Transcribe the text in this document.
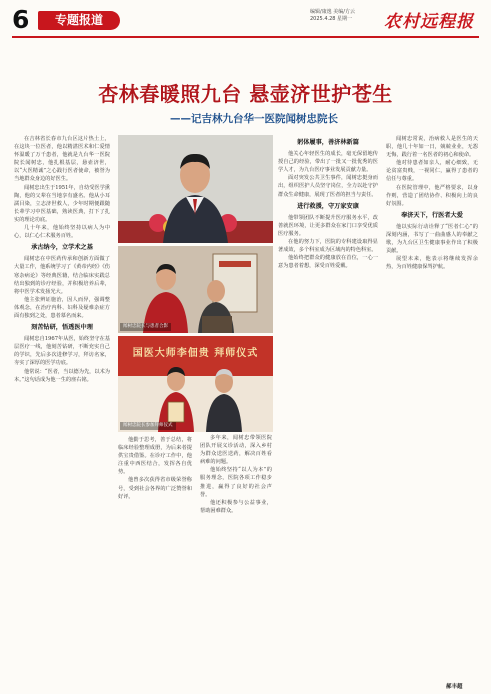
6	专题报道
编辑/康逸 美编/方云
2025.4.28 星期一	农村远程报
杏林春暖照九台 悬壶济世护苍生
——记吉林九台华一医院闻树忠院长

在吉林省长春市九台区这片热土上，在这块一位医者，他以精湛医术和仁爱情怀温暖了万千患者，他就是九台华一医院院长闻树忠，他扎根基层，悬壶济世，以“大医精诚”之心践行医者使命，被誉为当地群众身边的好医生。

闻树忠出生于1951年，自幼受医学熏陶，他的父辈在当地享有盛名。他从小耳濡目染，立志济世救人，少年时期便跟随长辈学习中医基础，熟读医典，打下了扎实的理论功底。

几十年来，他始终坚持以病人为中心，以仁心仁术服务百姓。

承古纳今，立学术之基

闻树忠在中医药传承和创新方面做了大量工作，他系统学习了《黄帝内经》《伤寒杂病论》等经典医籍，结合临床实践总结出独到的诊疗经验，并积极培养后辈，将中医学术发扬光大。

他主张辨证施治，因人而异，强调整体观念，在治疗内科、妇科及疑难杂症方面有独到之处，患者慕名而来。

刻苦钻研，悟透医中理

闻树忠自1967年从医，始终坚守在基层医疗一线，他刻苦钻研，不断充实自己的学识，先后多次进修学习，拜访名家，夯实了深厚的医学功底。

他常说：“医者，当以德为先，以术为本。”这句话成为他一生的座右铭。

闻树忠院长与患者合影
国医大师李佃贵 拜师仪式
闻树忠院长参加拜师仪式

他勤于思考，善于总结，将临床经验整理成册，为后来者提供宝贵借鉴。在诊疗工作中，他注重中西医结合，发挥各自优势。

他曾多次获得省市级荣誉称号，受到社会各界的广泛赞誉和好评。

多年来，闻树忠带领医院团队开展义诊活动，深入乡村为群众送医送药，解决百姓看病难的问题。

他始终坚持“以人为本”的服务理念，医院各项工作稳步推进，赢得了良好的社会声誉。

他还积极参与公益事业，帮助困难群众。

躬体履事，善济林新篇

他关心年轻医生的成长，毫无保留地传授自己的经验，带出了一批又一批优秀的医学人才，为九台医疗事业发展贡献力量。

面对突发公共卫生事件，闻树忠挺身而出，组织医护人员坚守岗位，全力以赴守护群众生命健康，展现了医者的担当与责任。

进行救援，守万家安康

他带领团队不断提升医疗服务水平，改善就医环境，让更多群众在家门口享受优质医疗服务。

在他的努力下，医院的专科建设取得显著成效，多个科室成为区域内的特色科室。

他始终把群众的健康放在首位，一心一意为患者着想，深受百姓爱戴。

闻树忠常说，治病救人是医生的天职，他几十年如一日，兢兢业业，无怨无悔，践行着一名医者的初心和使命。

他对待患者如亲人，耐心细致，无论贫富贵贱，一视同仁，赢得了患者的信任与尊重。

在医院管理中，他严格要求，以身作则，营造了团结协作、积极向上的良好氛围。

奉济天下，行医者大爱

他以实际行动诠释了“医者仁心”的深刻内涵，书写了一曲曲感人的奉献之歌，为九台区卫生健康事业作出了积极贡献。

展望未来，他表示将继续发挥余热，为百姓健康保驾护航。

郝丰超
